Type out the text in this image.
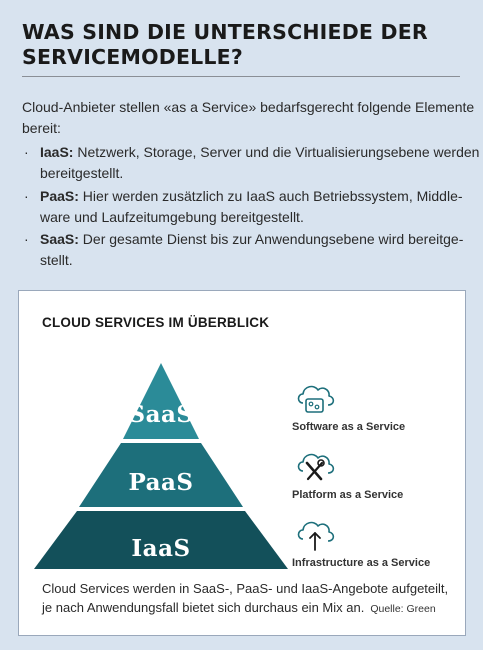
WAS SIND DIE UNTERSCHIEDE DER
SERVICEMODELLE?

Cloud-Anbieter stellen «as a Service» bedarfsgerecht folgende Elemente
bereit:

· IaaS: Netzwerk, Storage, Server und die Virtualisierungsebene werden
bereitgestellt.
· PaaS: Hier werden zusätzlich zu IaaS auch Betriebssystem, Middle-
ware und Laufzeitumgebung bereitgestellt.
· SaaS: Der gesamte Dienst bis zur Anwendungsebene wird bereitge-
stellt.
CLOUD SERVICES IM ÜBERBLICK
SaaS
PaaS
IaaS
Software as a Service
Platform as a Service
Infrastructure as a Service
Cloud Services werden in SaaS-, PaaS- und IaaS-Angebote aufgeteilt,
je nach Anwendungsfall bietet sich durchaus ein Mix an. Quelle: Green
